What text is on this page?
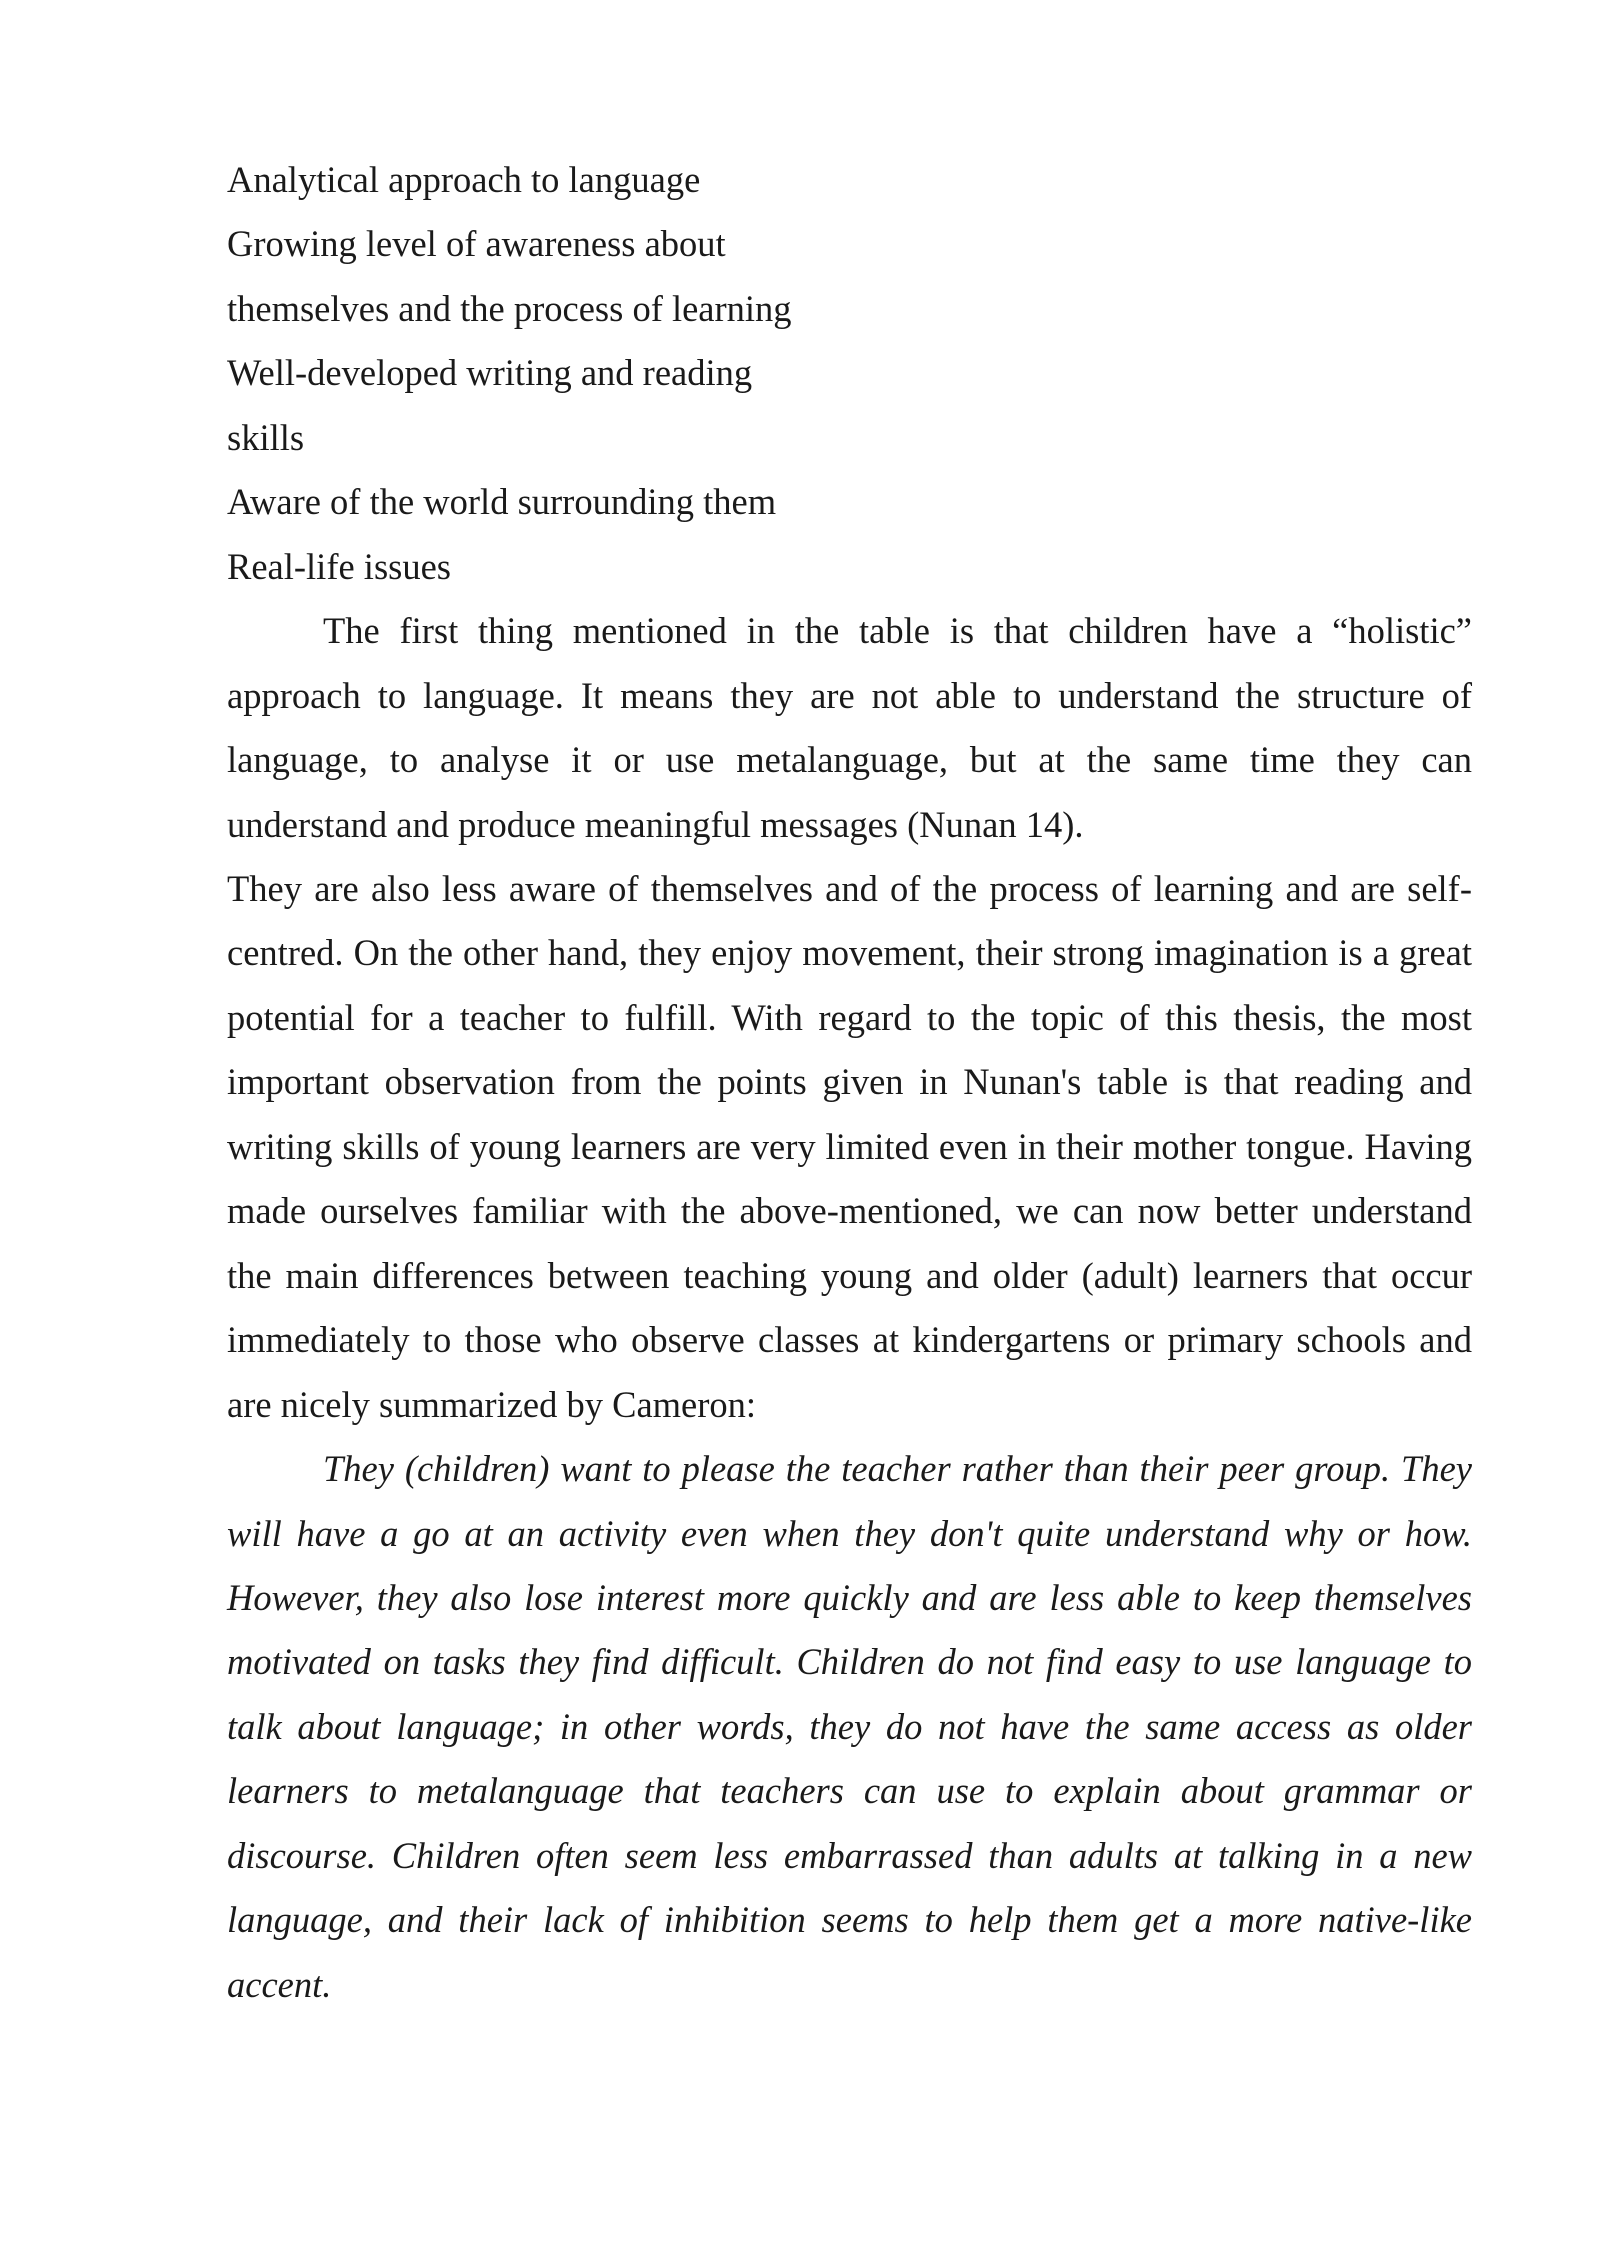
Analytical approach to language

Growing level of awareness about

themselves and the process of learning

Well-developed writing and reading

skills

Aware of the world surrounding them

Real-life issues

The first thing mentioned in the table is that children have a “holistic” approach to language. It means they are not able to understand the structure of language, to analyse it or use metalanguage, but at the same time they can understand and produce meaningful messages (Nunan 14).

They are also less aware of themselves and of the process of learning and are self-centred. On the other hand, they enjoy movement, their strong imagination is a great potential for a teacher to fulfill. With regard to the topic of this thesis, the most important observation from the points given in Nunan's table is that reading and writing skills of young learners are very limited even in their mother tongue. Having made ourselves familiar with the above-mentioned, we can now better understand the main differences between teaching young and older (adult) learners that occur immediately to those who observe classes at kindergartens or primary schools and are nicely summarized by Cameron:

They (children) want to please the teacher rather than their peer group. They will have a go at an activity even when they don't quite understand why or how. However, they also lose interest more quickly and are less able to keep themselves motivated on tasks they find difficult. Children do not find easy to use language to talk about language; in other words, they do not have the same access as older learners to metalanguage that teachers can use to explain about grammar or discourse. Children often seem less embarrassed than adults at talking in a new language, and their lack of inhibition seems to help them get a more native-like accent.
